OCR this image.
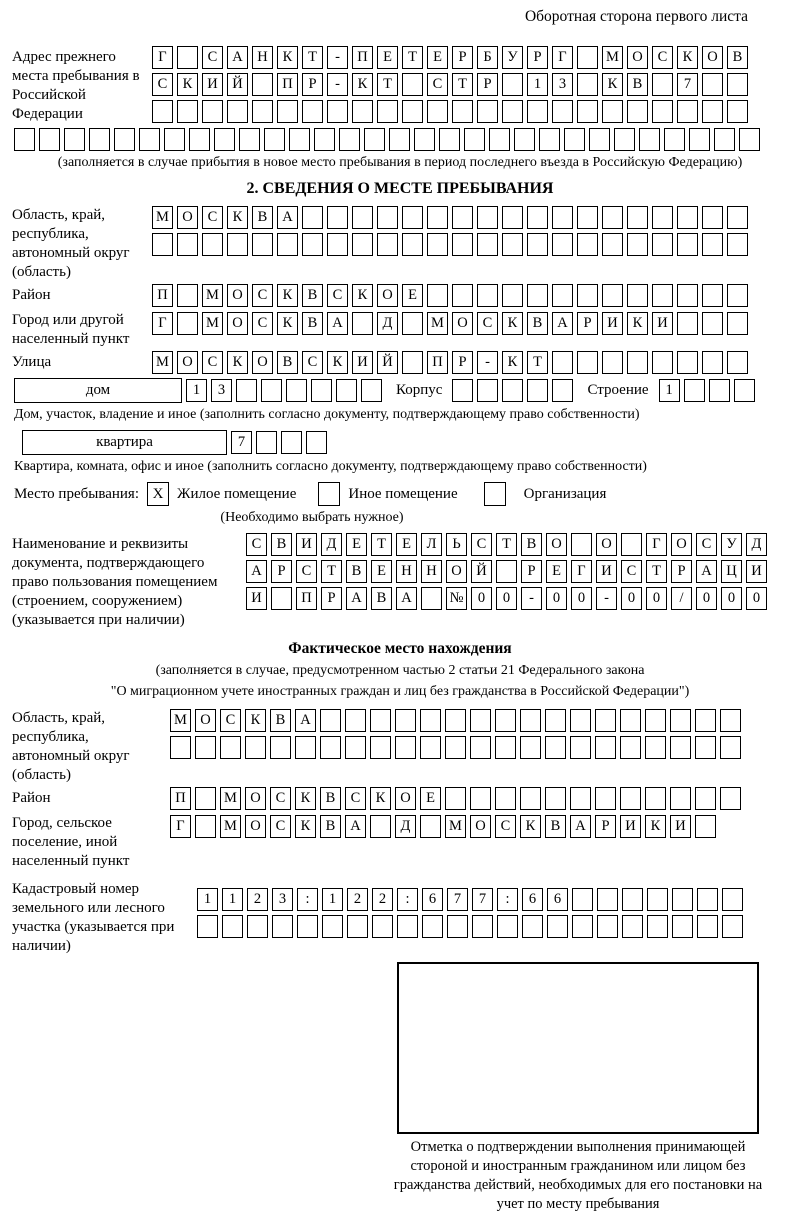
Оборотная сторона первого листа
Адрес прежнего места пребывания в Российской Федерации
Г	С	А	Н	К	Т	-	П	Е	Т	Е	Р	Б	У	Р	Г	М О	С	К	О	В
С	К	И	Й	П	Р	-	К	Т	С	Т	Р	1	3	К	В	7
(заполняется в случае прибытия в новое место пребывания в период последнего въезда в Российскую Федерацию)
2. СВЕДЕНИЯ О МЕСТЕ ПРЕБЫВАНИЯ
Область, край, республика, автономный округ (область)
М О	С	К	В	А
Район	П	М О	С	К	В	С	К	О	Е
Город или другой населенный пункт
Г	М О	С	К	В	А	Д	М О	С	К	В	А	Р	И	К	И
Улица	М О	С	К	О	В	С	К	И	Й	П	Р	-	К	Т
дом	1	3	Корпус	Строение	1
Дом, участок, владение и иное (заполнить согласно документу, подтверждающему право собственности)
квартира	7
Квартира, комната, офис и иное (заполнить согласно документу, подтверждающему право собственности)
Место пребывания: X Жилое помещение	Иное помещение	Организация
(Необходимо выбрать нужное)
Наименование и реквизиты документа, подтверждающего право пользования помещением (строением, сооружением) (указывается при наличии)
С	В	И	Д	Е	Т	Е	Л	Ь	С	Т	В	О	О	Г	О	С	У	Д
А	Р	С	Т	В	Е	Н	Н	О	Й	Р	Е	Г	И	С	Т	Р	А	Ц	И
И	П	Р	А	В	А	№ 0	0	-	0	0	-	0	0	/	0	0	0
Фактическое место нахождения
(заполняется в случае, предусмотренном частью 2 статьи 21 Федерального закона
"О миграционном учете иностранных граждан и лиц без гражданства в Российской Федерации")
Область, край, республика, автономный округ (область)
М О	С	К	В	А
Район	П	М О	С	К	В	С	К	О	Е
Город, сельское поселение, иной населенный пункт
Г	М О	С	К	В	А	Д	М О	С	К	В	А	Р	И	К	И
Кадастровый номер земельного или лесного участка (указывается при наличии)
1	1	2	3	:	1	2	2	:	6	7	7	:	6	6
Отметка о подтверждении выполнения принимающей стороной и иностранным гражданином или лицом без гражданства действий, необходимых для его постановки на учет по месту пребывания
